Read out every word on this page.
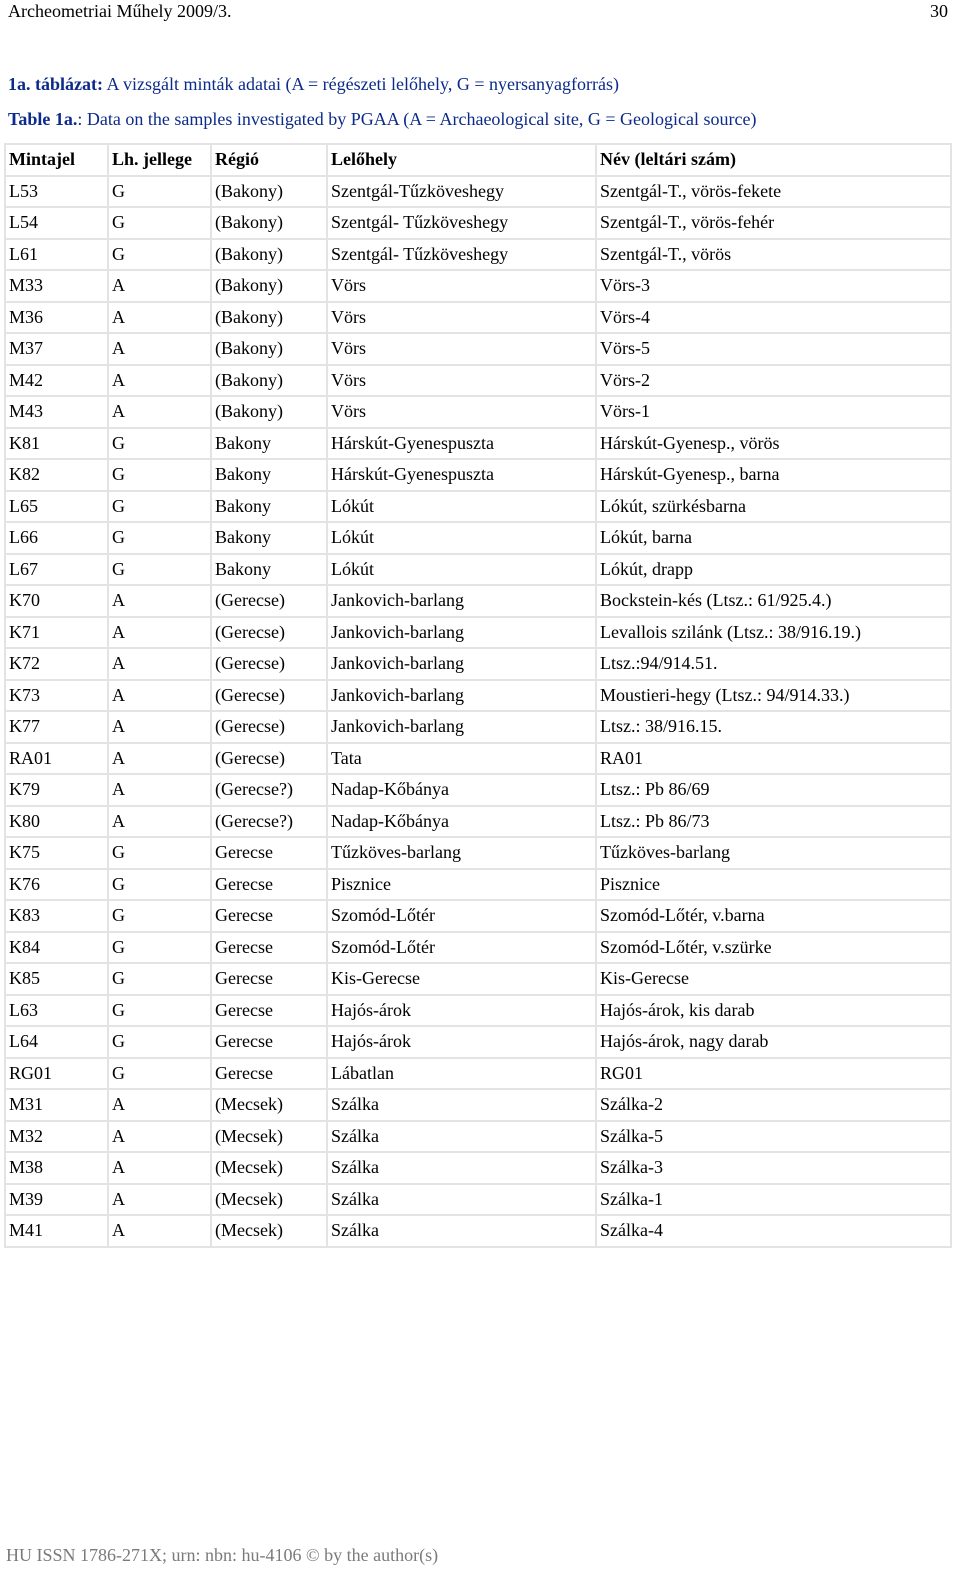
Archeometriai Műhely 2009/3.	30
1a. táblázat: A vizsgált minták adatai (A = régészeti lelőhely, G = nyersanyagforrás)
Table 1a.: Data on the samples investigated by PGAA (A = Archaeological site, G = Geological source)
Mintajel	Lh. jellege	Régió	Lelőhely	Név (leltári szám)
L53	G	(Bakony)	Szentgál-Tűzköveshegy	Szentgál-T., vörös-fekete
L54	G	(Bakony)	Szentgál- Tűzköveshegy	Szentgál-T., vörös-fehér
L61	G	(Bakony)	Szentgál- Tűzköveshegy	Szentgál-T., vörös
M33	A	(Bakony)	Vörs	Vörs-3
M36	A	(Bakony)	Vörs	Vörs-4
M37	A	(Bakony)	Vörs	Vörs-5
M42	A	(Bakony)	Vörs	Vörs-2
M43	A	(Bakony)	Vörs	Vörs-1
K81	G	Bakony	Hárskút-Gyenespuszta	Hárskút-Gyenesp., vörös
K82	G	Bakony	Hárskút-Gyenespuszta	Hárskút-Gyenesp., barna
L65	G	Bakony	Lókút	Lókút, szürkésbarna
L66	G	Bakony	Lókút	Lókút, barna
L67	G	Bakony	Lókút	Lókút, drapp
K70	A	(Gerecse)	Jankovich-barlang	Bockstein-kés (Ltsz.: 61/925.4.)
K71	A	(Gerecse)	Jankovich-barlang	Levallois szilánk (Ltsz.: 38/916.19.)
K72	A	(Gerecse)	Jankovich-barlang	Ltsz.:94/914.51.
K73	A	(Gerecse)	Jankovich-barlang	Moustieri-hegy (Ltsz.: 94/914.33.)
K77	A	(Gerecse)	Jankovich-barlang	Ltsz.: 38/916.15.
RA01	A	(Gerecse)	Tata	RA01
K79	A	(Gerecse?)	Nadap-Kőbánya	Ltsz.: Pb 86/69
K80	A	(Gerecse?)	Nadap-Kőbánya	Ltsz.: Pb 86/73
K75	G	Gerecse	Tűzköves-barlang	Tűzköves-barlang
K76	G	Gerecse	Pisznice	Pisznice
K83	G	Gerecse	Szomód-Lőtér	Szomód-Lőtér, v.barna
K84	G	Gerecse	Szomód-Lőtér	Szomód-Lőtér, v.szürke
K85	G	Gerecse	Kis-Gerecse	Kis-Gerecse
L63	G	Gerecse	Hajós-árok	Hajós-árok, kis darab
L64	G	Gerecse	Hajós-árok	Hajós-árok, nagy darab
RG01	G	Gerecse	Lábatlan	RG01
M31	A	(Mecsek)	Szálka	Szálka-2
M32	A	(Mecsek)	Szálka	Szálka-5
M38	A	(Mecsek)	Szálka	Szálka-3
M39	A	(Mecsek)	Szálka	Szálka-1
M41	A	(Mecsek)	Szálka	Szálka-4
HU ISSN 1786-271X; urn: nbn: hu-4106 © by the author(s)
